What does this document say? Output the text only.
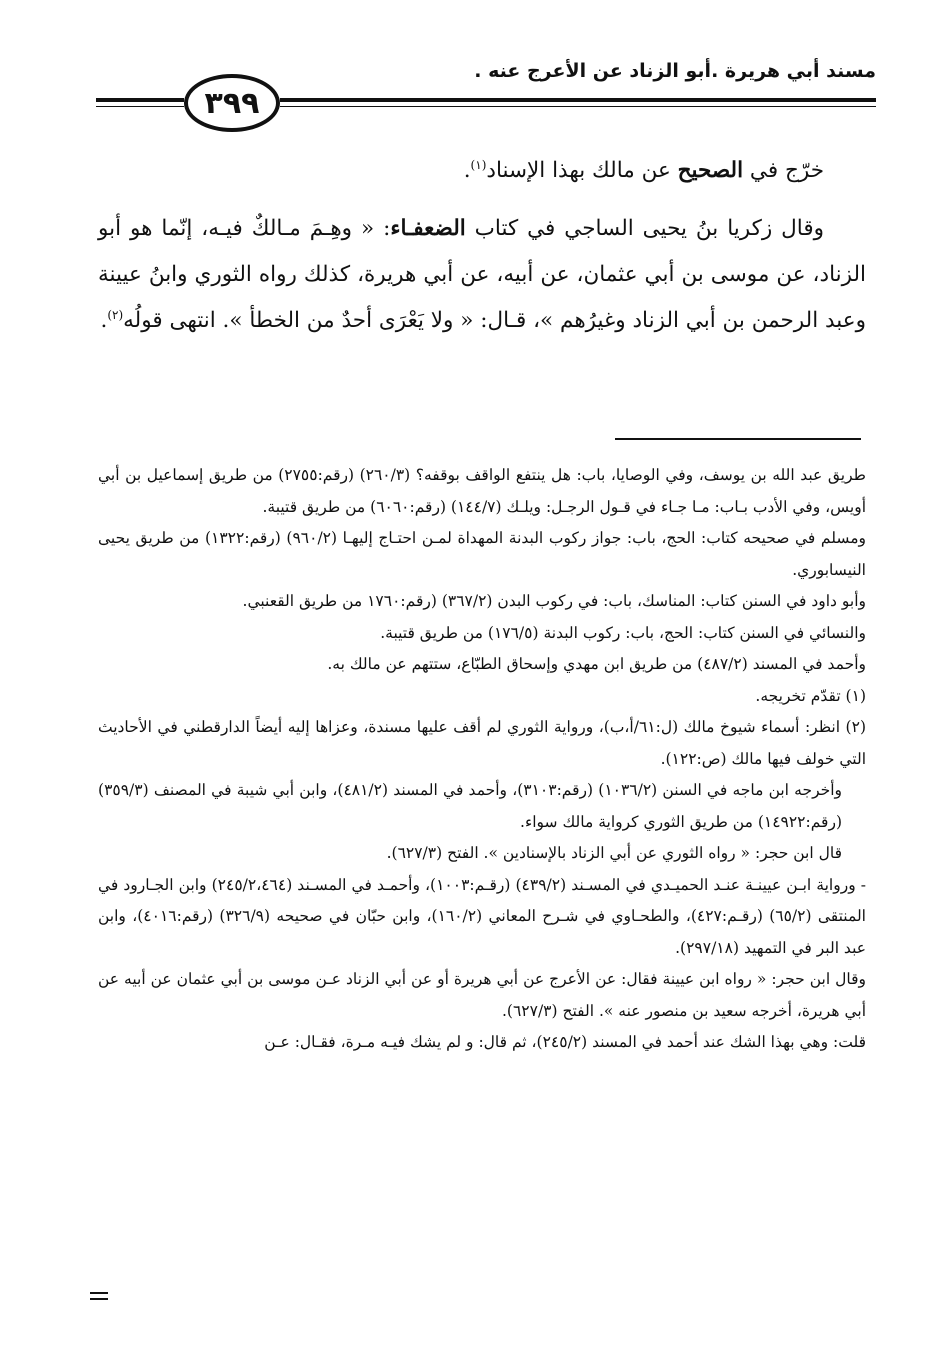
مسند أبي هريرة .أبو الزناد عن الأعرج عنه .
٣٩٩

خرّج في الصحيح عن مالك بهذا الإسناد$^{(١)}$.

وقال زكريا بنُ يحيى الساجي في كتاب الضعفـاء: « وهِـمَ مـالكٌ فيـه، إنّما هو أبو الزناد، عن موسى بن أبي عثمان، عن أبيه، عن أبي هريرة، كذلك رواه الثوري وابنُ عيينة وعبد الرحمن بن أبي الزناد وغيرُهم »، قـال: « ولا يَعْرَى أحدٌ من الخطأ ». انتهى قولُه$^{(٢)}$.

طريق عبد الله بن يوسف، وفي الوصايا، باب: هل ينتفع الواقف بوقفه؟ (٢٦٠/٣) (رقم:٢٧٥٥) من طريق إسماعيل بن أبي أويس، وفي الأدب بـاب: مـا جـاء في قـول الرجـل: ويلـك (١٤٤/٧) (رقم:٦٠٦٠) من طريق قتيبة.

ومسلم في صحيحه كتاب: الحج، باب: جواز ركوب البدنة المهداة لمـن احتـاج إليهـا (٩٦٠/٢) (رقم:١٣٢٢) من طريق يحيى النيسابوري.

وأبو داود في السنن كتاب: المناسك، باب: في ركوب البدن (٣٦٧/٢) (رقم:١٧٦٠ من طريق القعنبي.

والنسائي في السنن كتاب: الحج، باب: ركوب البدنة (١٧٦/٥) من طريق قتيبة.

وأحمد في المسند (٤٨٧/٢) من طريق ابن مهدي وإسحاق الطبّاع، ستتهم عن مالك به.

(١) تقدّم تخريجه.

(٢) انظر: أسماء شيوخ مالك (ل:٦١/أ،ب)، ورواية الثوري لم أقف عليها مسندة، وعزاها إليه أيضاً الدارقطني في الأحاديث التي خولف فيها مالك (ص:١٢٢).

وأخرجه ابن ماجه في السنن (١٠٣٦/٢) (رقم:٣١٠٣)، وأحمد في المسند (٤٨١/٢)، وابن أبي شيبة في المصنف (٣٥٩/٣) (رقم:١٤٩٢٢) من طريق الثوري كرواية مالك سواء.

قال ابن حجر: « رواه الثوري عن أبي الزناد بالإسنادين ». الفتح (٦٢٧/٣).

- ورواية ابـن عيينـة عنـد الحميـدي في المسـند (٤٣٩/٢) (رقـم:١٠٠٣)، وأحمـد في المسـند (٢٤٥/٢،٤٦٤) وابن الجـارود في المنتقى (٦٥/٢) (رقـم:٤٢٧)، والطحـاوي في شـرح المعاني (١٦٠/٢)، وابن حبّان في صحيحه (٣٢٦/٩) (رقم:٤٠١٦)، وابن عبد البر في التمهيد (٢٩٧/١٨).

وقال ابن حجر: « رواه ابن عيينة فقال: عن الأعرج عن أبي هريرة أو عن أبي الزناد عـن موسى بن أبي عثمان عن أبيه عن أبي هريرة، أخرجه سعيد بن منصور عنه ». الفتح (٦٢٧/٣).

قلت: وهي بهذا الشك عند أحمد في المسند (٢٤٥/٢)، ثم قال: و لم يشك فيـه مـرة، فقـال: عـن
